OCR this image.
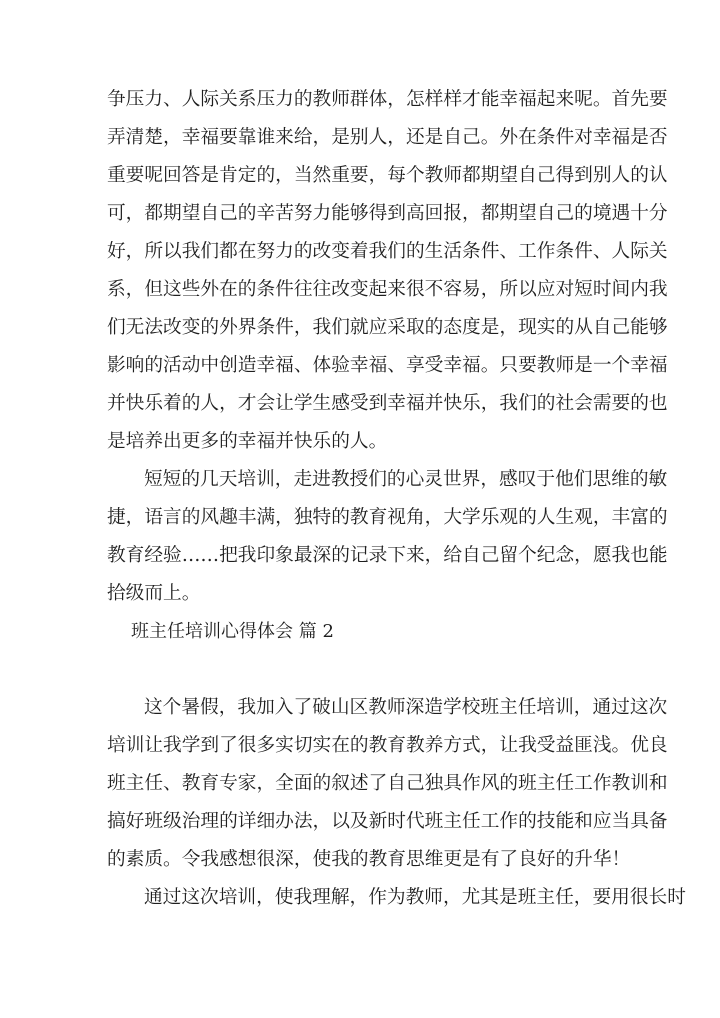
争压力、人际关系压力的教师群体，怎样样才能幸福起来呢。首先要
弄清楚，幸福要靠谁来给，是别人，还是自己。外在条件对幸福是否
重要呢回答是肯定的，当然重要，每个教师都期望自己得到别人的认
可，都期望自己的辛苦努力能够得到高回报，都期望自己的境遇十分
好，所以我们都在努力的改变着我们的生活条件、工作条件、人际关
系，但这些外在的条件往往改变起来很不容易，所以应对短时间内我
们无法改变的外界条件，我们就应采取的态度是，现实的从自己能够
影响的活动中创造幸福、体验幸福、享受幸福。只要教师是一个幸福
并快乐着的人，才会让学生感受到幸福并快乐，我们的社会需要的也
是培养出更多的幸福并快乐的人。
短短的几天培训，走进教授们的心灵世界，感叹于他们思维的敏
捷，语言的风趣丰满，独特的教育视角，大学乐观的人生观，丰富的
教育经验……把我印象最深的记录下来，给自己留个纪念，愿我也能
拾级而上。
班主任培训心得体会 篇 2
这个暑假，我加入了破山区教师深造学校班主任培训，通过这次
培训让我学到了很多实切实在的教育教养方式，让我受益匪浅。优良
班主任、教育专家，全面的叙述了自己独具作风的班主任工作教训和
搞好班级治理的详细办法，以及新时代班主任工作的技能和应当具备
的素质。令我感想很深，使我的教育思维更是有了良好的升华！
通过这次培训，使我理解，作为教师，尤其是班主任，要用很长时
